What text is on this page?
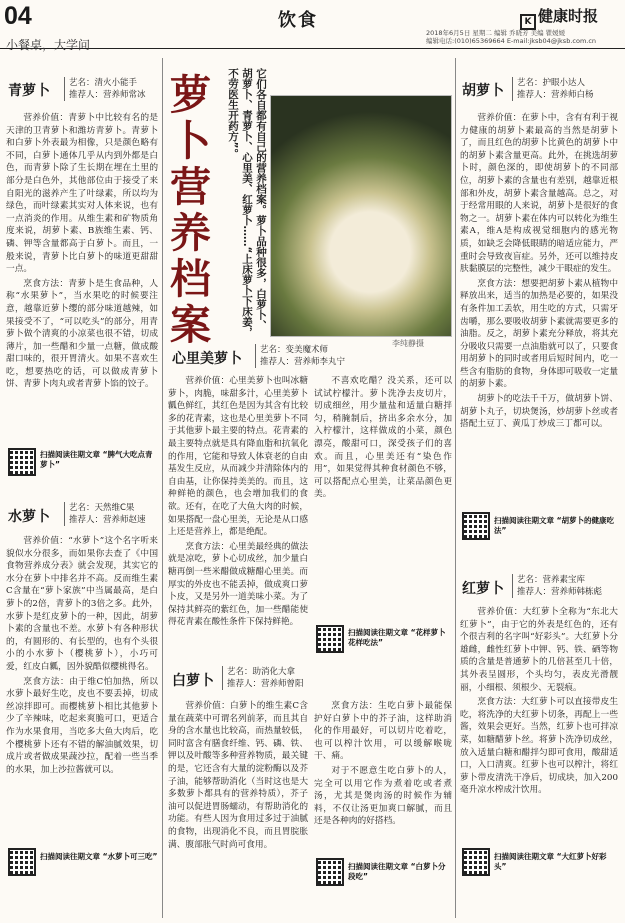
04	饮食	K 健康时报
小餐桌，大学问
2018年6月5日 星期二 编辑 乔晓芳 美编 瞿媛媛
编辑电话:(010)65369664 E-mail:jksb04@jksb.com.cn
青萝卜 艺名：清火小能手
推荐人：营养师常冰

营养价值：青萝卜中比较有名的是天津的卫青萝卜和潍坊青萝卜。青萝卜和白萝卜外表最为相像，只是颜色略有不同，白萝卜通体几乎从内到外都是白色，而青萝卜除了生长期在埋在土里的部分是白色外，其他部位由于接受了来自阳光的滋养产生了叶绿素，所以均为绿色，而叶绿素其实对人体来说，也有一点消炎的作用。从维生素和矿物质角度来说，胡萝卜素、B族维生素、钙、磷、钾等含量都高于白萝卜。而且，一般来说，青萝卜比白萝卜的味道更甜甜一点。

烹食方法：青萝卜是生食品种，人称“水果萝卜”，当水果吃的时候要注意，越靠近萝卜缨的部分味道越辣，如果接受不了，“可以吃头”的部分，用青萝卜做个清爽的小凉菜也很不错，切成薄片，加一些醋和少量一点糖，做成酸甜口味的，很开胃清火。如果不喜欢生吃，想要热吃的话，可以做成青萝卜饼、青萝卜肉丸或者青萝卜馅的饺子。

扫描阅读往期文章 “脾气大吃点青萝卜”
水萝卜
艺名：天然维C果
推荐人：营养师赵速

营养价值：“水萝卜”这个名字听来貌似水分很多，而如果你去查了《中国食物营养成分表》就会发现，其实它的水分在萝卜中排名并不高。反而维生素C含量在“萝卜家族”中当属最高，是白萝卜的2倍，青萝卜的3倍之多。此外，水萝卜是红皮萝卜的一种，因此，胡萝卜素的含量也不差。水萝卜有各种形状的，有圆形的、有长型的，也有个头很小的小水萝卜（樱桃萝卜），小巧可爱，红皮白瓤，因外貌酷似樱桃得名。

烹食方法：由于维C怕加热，所以水萝卜最好生吃，皮也不要丢掉，切成丝凉拌即可。而樱桃萝卜相比其他萝卜少了辛辣味，吃起来爽脆可口，更适合作为水果食用，当吃多大鱼大肉后，吃个樱桃萝卜还有不错的解油腻效果，切成片或者做成果蔬沙拉，配着一些当季的水果，加上沙拉酱就可以。

扫描阅读往期文章 “水萝卜可三吃”
萝卜营养档案	它们各自都有自己的营养档案。萝卜品种很多，白萝卜、胡萝卜、青萝卜、心里美、红萝卜……“上床萝卜下床姜，不劳医生开药方”。
李纯静摄
心里美萝卜
艺名：变美魔术师
推荐人：营养师李丸宁

营养价值：心里美萝卜也叫冰糖萝卜，肉脆，味甜多汁，心里美萝卜瓤色鲜红，其红色是因为其含有比较多的花青素，这也是心里美萝卜不同于其他萝卜最主要的特点。花青素的最主要特点就是具有降血脂和抗氧化的作用，它能和导致人体衰老的自由基发生反应，从而减少并清除体内的自由基，让你保持美美的。而且，这种鲜艳的颜色，也会增加我们的食欲。还有，在吃了大鱼大肉的时候，如果搭配一盘心里美，无论是从口感上还是营养上，都是绝配。

烹食方法：心里美最经典的做法就是凉吃，萝卜心切成丝，加少量白糖再倒一些米醋做成糖醋心里美。而厚实的外皮也不能丢掉，做成爽口萝卜皮，又是另外一道美味小菜。为了保持其鲜亮的紫红色，加一些醋能使得花青素在酸性条件下保持鲜艳。

不喜欢吃醋？没关系，还可以试试柠檬汁。萝卜洗净去皮切片，切成细丝，用少量盐和适量白糖拌匀，稍腌制后，挤出多余水分，加入柠檬汁，这样做成的小菜，颜色漂亮，酸甜可口，深受孩子们的喜欢。而且，心里美还有“染色作用”，如果觉得其种食材颜色不够，可以搭配点心里美，让菜品颜色更美。

扫描阅读往期文章 “花样萝卜花样吃法”
白萝卜
艺名：助消化大拿
推荐人：营养师曾阳

营养价值：白萝卜的维生素C含量在蔬菜中可谓名列前茅，而且其自身的含水量也比较高，而热量较低，同时富含有膳食纤维、钙、磷、铁、钾以及叶酸等多种营养物质，最关键的是，它还含有大量的淀粉酶以及芥子油，能够帮助消化（当时这也是大多数萝卜都具有的营养特质），芥子油可以促进胃肠蠕动，有帮助消化的功能。有些人因为食用过多过于油腻的食物，出现消化不良，而且胃脘胀满、腹部胀气时尚可食用。

烹食方法：生吃白萝卜最能保护好白萝卜中的芥子油，这样助消化的作用最好，可以切片吃着吃，也可以榨汁饮用，可以缓解喉咙干、痛。

对于不愿意生吃白萝卜的人，完全可以用它作为煮着吃或者煮汤，尤其是煲肉汤的时候作为辅料，不仅让汤更加爽口解腻，而且还是各种肉的好搭档。

扫描阅读往期文章 “白萝卜分段吃”
胡萝卜 艺名：护眼小达人
推荐人：营养师白杨

营养价值：在萝卜中，含有有利于视力健康的胡萝卜素最高的当然是胡萝卜了，而且红色的胡萝卜比黄色的胡萝卜中的胡萝卜素含量更高。此外，在挑选胡萝卜时，颜色深的，即使胡萝卜的不同部位，胡萝卜素的含量也有差别，越靠近根部和外皮，胡萝卜素含量越高。总之，对于经常用眼的人来说，胡萝卜是很好的食物之一。胡萝卜素在体内可以转化为维生素A，维A是构成视觉细胞内的感光物质，如缺乏会降低眼睛的暗适应能力，严重时会导致夜盲症。另外，还可以维持皮肤黏膜层的完整性，减少干眼症的发生。

烹食方法：想要把胡萝卜素从植物中释放出来，适当的加热是必要的，如果没有条件加工丢软，用生吃的方式，只需牙齿嚼，那么要吸收胡萝卜素就需要更多的油脂。反之，胡萝卜素充分释放，将其充分吸收只需要一点油脂就可以了，只要食用胡萝卜的同时或者用后短时间内，吃一些含有脂肪的食物，身体即可吸收一定量的胡萝卜素。

胡萝卜的吃法千千万，做胡萝卜饼、胡萝卜丸子，切块煲汤，炒胡萝卜丝或者搭配土豆丁、黄瓜丁炒成三丁都可以。

扫描阅读往期文章 “胡萝卜的健康吃法”
红萝卜
艺名：营养素宝库
推荐人：营养师韩栋彪

营养价值：大红萝卜全称为“东北大红萝卜”，由于它的外表是红色的，还有个很吉利的名字叫“好彩头”。大红萝卜分雄雌，雌性红萝卜中钾、钙、铁、硒等物质的含量是普通萝卜的几倍甚至几十倍，其外表呈圆形，个头均匀，表皮光滑靓丽，小细根、须根少、无裂痕。

烹食方法：大红萝卜可以直接带皮生吃，将洗净的大红萝卜切条，再配上一些酱，效果会更好。当然，红萝卜也可拌凉菜，如糖醋萝卜丝。将萝卜洗净切成丝，放入适量白糖和醋拌匀即可食用，酸甜适口，入口清爽。红萝卜也可以榨汁，将红萝卜带皮清洗干净后，切成块，加入200毫升凉水榨成汁饮用。

扫描阅读往期文章 “大红萝卜好彩头”
